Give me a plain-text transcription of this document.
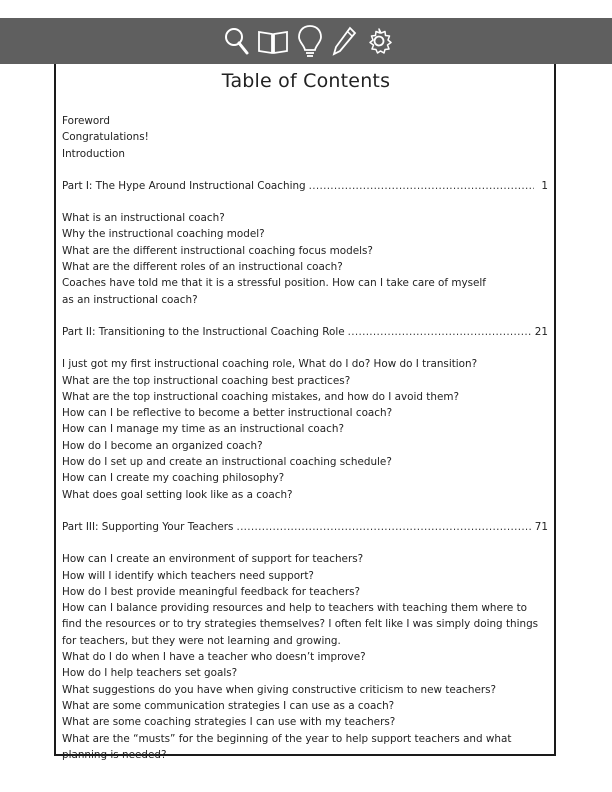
Table of Contents
Foreword
Congratulations!
Introduction
Part I: The Hype Around Instructional Coaching . . .	1
What is an instructional coach?
Why the instructional coaching model?
What are the different instructional coaching focus models?
What are the different roles of an instructional coach?
Coaches have told me that it is a stressful position. How can I take care of myself
as an instructional coach?
Part II: Transitioning to the Instructional Coaching Role . . .	21
I just got my first instructional coaching role, What do I do? How do I transition?
What are the top instructional coaching best practices?
What are the top instructional coaching mistakes, and how do I avoid them?
How can I be reflective to become a better instructional coach?
How can I manage my time as an instructional coach?
How do I become an organized coach?
How do I set up and create an instructional coaching schedule?
How can I create my coaching philosophy?
What does goal setting look like as a coach?
Part III: Supporting Your Teachers . . .	71
How can I create an environment of support for teachers?
How will I identify which teachers need support?
How do I best provide meaningful feedback for teachers?
How can I balance providing resources and help to teachers with teaching them where to find the resources or to try strategies themselves? I often felt like I was simply doing things for teachers, but they were not learning and growing.
What do I do when I have a teacher who doesn’t improve?
How do I help teachers set goals?
What suggestions do you have when giving constructive criticism to new teachers?
What are some communication strategies I can use as a coach?
What are some coaching strategies I can use with my teachers?
What are the “musts” for the beginning of the year to help support teachers and what planning is needed?
